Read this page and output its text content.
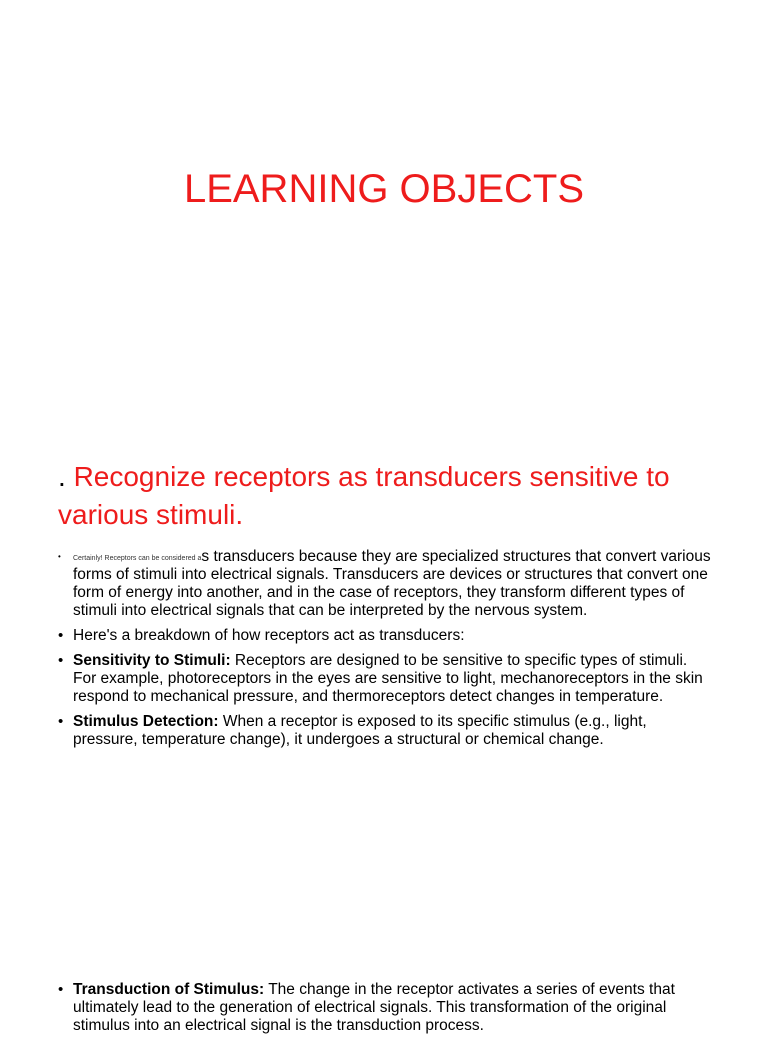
LEARNING OBJECTS
. Recognize receptors as transducers sensitive to various stimuli.
• Certainly! Receptors can be considered as transducers because they are specialized structures that convert various forms of stimuli into electrical signals. Transducers are devices or structures that convert one form of energy into another, and in the case of receptors, they transform different types of stimuli into electrical signals that can be interpreted by the nervous system.
• Here's a breakdown of how receptors act as transducers:
• Sensitivity to Stimuli: Receptors are designed to be sensitive to specific types of stimuli. For example, photoreceptors in the eyes are sensitive to light, mechanoreceptors in the skin respond to mechanical pressure, and thermoreceptors detect changes in temperature.
• Stimulus Detection: When a receptor is exposed to its specific stimulus (e.g., light, pressure, temperature change), it undergoes a structural or chemical change.
• Transduction of Stimulus: The change in the receptor activates a series of events that ultimately lead to the generation of electrical signals. This transformation of the original stimulus into an electrical signal is the transduction process.
